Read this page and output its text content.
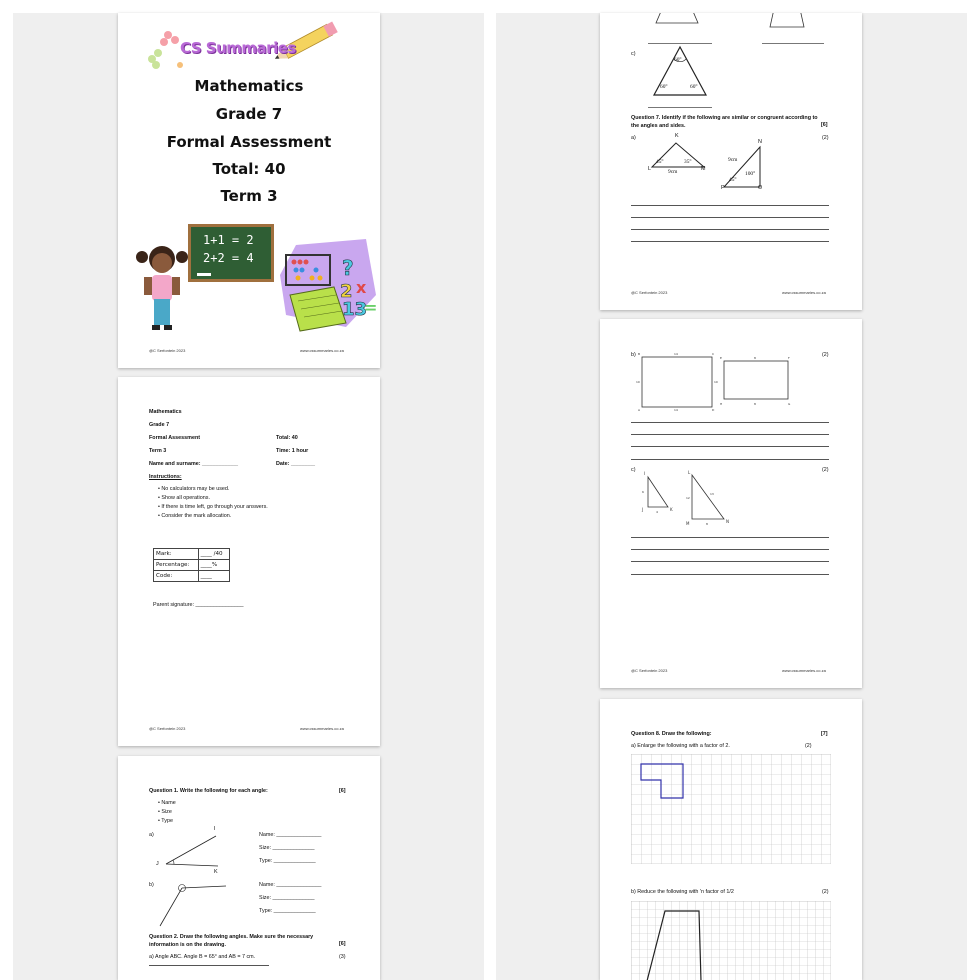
CS Summaries
Mathematics
Grade 7
Formal Assessment
Total: 40
Term 3
1+1 = 2
2+2 = 4	?
2 x
13
=
@C Serfontein 2023	www.cssummaries.co.za
Mathematics
Grade 7
Formal Assessment	Total: 40
Term 3	Time: 1 hour
Name and surname: ____________	Date: ________
Instructions:
• No calculators may be used.
• Show all operations.
• If there is time left, go through your answers.
• Consider the mark allocation.
Mark:	____ /40
Percentage:	____%
Code:	____
Parent signature: ________________
@C Serfontein 2023	www.cssummaries.co.za
Question 1. Write the following for each angle:	[6]
• Name
• Size
• Type
a)
I
J
K
Name: _______________
Size: ______________
Type: ______________
b)	Name: _______________
Size: ______________
Type: ______________
Question 2. Draw the following angles. Make sure the necessary information is on the drawing.	[6]
a) Angle ABC. Angle B = 65° and AB = 7 cm.	(3)
c)
60°
60°	60°
Question 7. Identify if the following are similar or congruent according to the angles and sides.	[6]
a)	(2)
K
L	M
45°	35°
9cm
N
P	O
9cm
45°
100°
@C Serfontein 2023	www.cssummaries.co.za
b)	(2)
B	14	C
A	14	D
10	10
E	8	F
H	8	G
c)	(2)
I
J	K
L
M	N
6
4
12
8
13
@C Serfontein 2023	www.cssummaries.co.za
Question 8. Draw the following:	[7]
a) Enlarge the following with a factor of 2.	(2)
b) Reduce the following with 'n factor of 1/2	(2)
